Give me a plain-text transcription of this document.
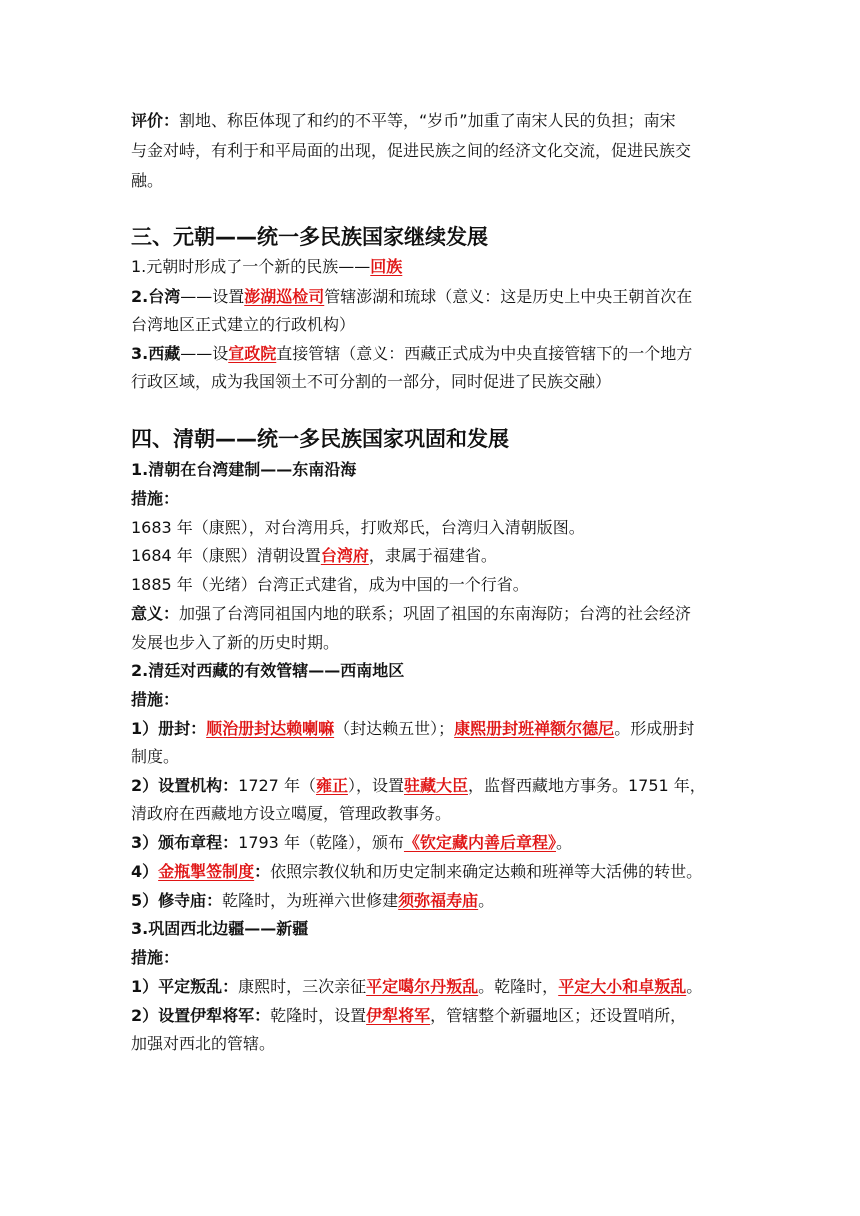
评价：割地、称臣体现了和约的不平等，“岁币”加重了南宋人民的负担；南宋
与金对峙，有利于和平局面的出现，促进民族之间的经济文化交流，促进民族交
融。
三、元朝——统一多民族国家继续发展
1.元朝时形成了一个新的民族——回族
2.台湾——设置澎湖巡检司管辖澎湖和琉球（意义：这是历史上中央王朝首次在
台湾地区正式建立的行政机构）
3.西藏——设宣政院直接管辖（意义：西藏正式成为中央直接管辖下的一个地方
行政区域，成为我国领土不可分割的一部分，同时促进了民族交融）
四、清朝——统一多民族国家巩固和发展
1.清朝在台湾建制——东南沿海
措施：
1683 年（康熙），对台湾用兵，打败郑氏，台湾归入清朝版图。
1684 年（康熙）清朝设置台湾府，隶属于福建省。
1885 年（光绪）台湾正式建省，成为中国的一个行省。
意义：加强了台湾同祖国内地的联系；巩固了祖国的东南海防；台湾的社会经济
发展也步入了新的历史时期。
2.清廷对西藏的有效管辖——西南地区
措施：
1）册封：顺治册封达赖喇嘛（封达赖五世）；康熙册封班禅额尔德尼。形成册封
制度。
2）设置机构：1727 年（雍正），设置驻藏大臣，监督西藏地方事务。1751 年，
清政府在西藏地方设立噶厦，管理政教事务。
3）颁布章程：1793 年（乾隆），颁布《钦定藏内善后章程》。
4）金瓶掣签制度：依照宗教仪轨和历史定制来确定达赖和班禅等大活佛的转世。
5）修寺庙：乾隆时，为班禅六世修建须弥福寿庙。
3.巩固西北边疆——新疆
措施：
1）平定叛乱：康熙时，三次亲征平定噶尔丹叛乱。乾隆时，平定大小和卓叛乱。
2）设置伊犁将军：乾隆时，设置伊犁将军，管辖整个新疆地区；还设置哨所，
加强对西北的管辖。
